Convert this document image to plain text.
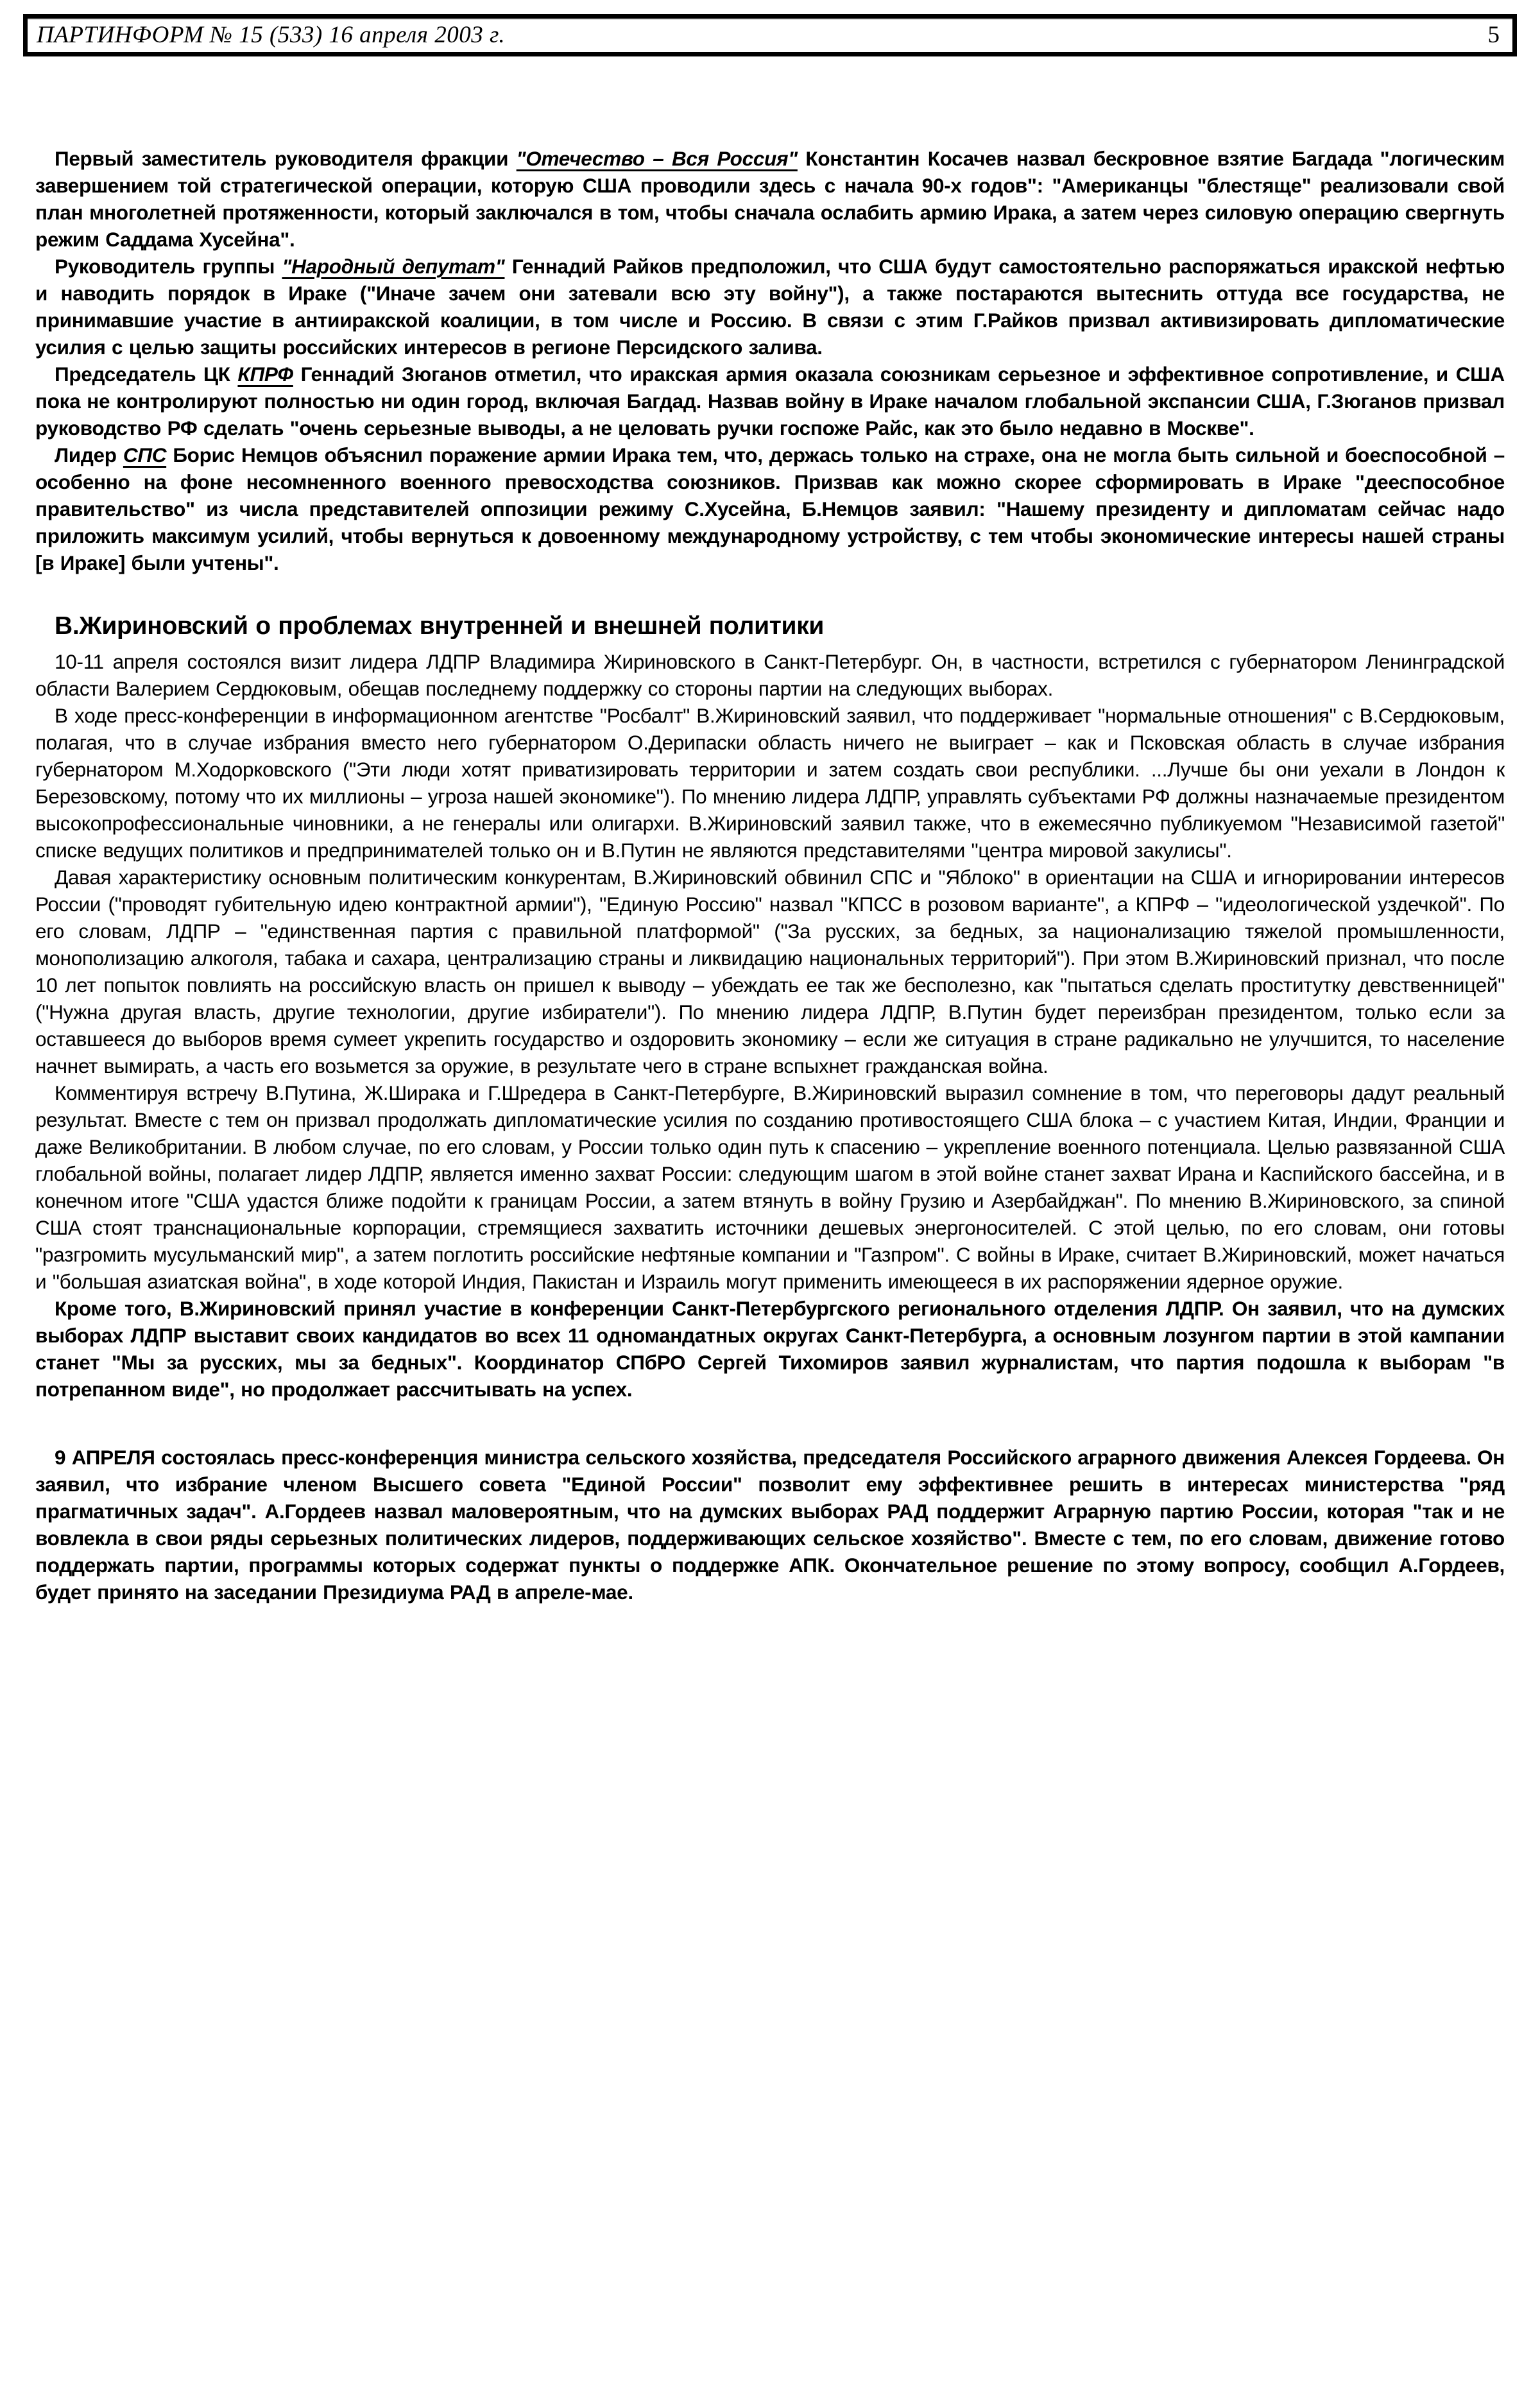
ПАРТИНФОРМ № 15 (533) 16 апреля 2003 г.	5

Первый заместитель руководителя фракции "Отечество – Вся Россия" Константин Косачев назвал бескровное взятие Багдада "логическим завершением той стратегической операции, которую США проводили здесь с начала 90-х годов": "Американцы "блестяще" реализовали свой план многолетней протяженности, который заключался в том, чтобы сначала ослабить армию Ирака, а затем через силовую операцию свергнуть режим Саддама Хусейна".

Руководитель группы "Народный депутат" Геннадий Райков предположил, что США будут самостоятельно распоряжаться иракской нефтью и наводить порядок в Ираке ("Иначе зачем они затевали всю эту войну"), а также постараются вытеснить оттуда все государства, не принимавшие участие в антииракской коалиции, в том числе и Россию. В связи с этим Г.Райков призвал активизировать дипломатические усилия с целью защиты российских интересов в регионе Персидского залива.

Председатель ЦК КПРФ Геннадий Зюганов отметил, что иракская армия оказала союзникам серьезное и эффективное сопротивление, и США пока не контролируют полностью ни один город, включая Багдад. Назвав войну в Ираке началом глобальной экспансии США, Г.Зюганов призвал руководство РФ сделать "очень серьезные выводы, а не целовать ручки госпоже Райс, как это было недавно в Москве".

Лидер СПС Борис Немцов объяснил поражение армии Ирака тем, что, держась только на страхе, она не могла быть сильной и боеспособной – особенно на фоне несомненного военного превосходства союзников. Призвав как можно скорее сформировать в Ираке "дееспособное правительство" из числа представителей оппозиции режиму С.Хусейна, Б.Немцов заявил: "Нашему президенту и дипломатам сейчас надо приложить максимум усилий, чтобы вернуться к довоенному международному устройству, с тем чтобы экономические интересы нашей страны [в Ираке] были учтены".

В.Жириновский о проблемах внутренней и внешней политики

10-11 апреля состоялся визит лидера ЛДПР Владимира Жириновского в Санкт-Петербург. Он, в частности, встретился с губернатором Ленинградской области Валерием Сердюковым, обещав последнему поддержку со стороны партии на следующих выборах.

В ходе пресс-конференции в информационном агентстве "Росбалт" В.Жириновский заявил, что поддерживает "нормальные отношения" с В.Сердюковым, полагая, что в случае избрания вместо него губернатором О.Дерипаски область ничего не выиграет – как и Псковская область в случае избрания губернатором М.Ходорковского ("Эти люди хотят приватизировать территории и затем создать свои республики. ...Лучше бы они уехали в Лондон к Березовскому, потому что их миллионы – угроза нашей экономике"). По мнению лидера ЛДПР, управлять субъектами РФ должны назначаемые президентом высокопрофессиональные чиновники, а не генералы или олигархи. В.Жириновский заявил также, что в ежемесячно публикуемом "Независимой газетой" списке ведущих политиков и предпринимателей только он и В.Путин не являются представителями "центра мировой закулисы".

Давая характеристику основным политическим конкурентам, В.Жириновский обвинил СПС и "Яблоко" в ориентации на США и игнорировании интересов России ("проводят губительную идею контрактной армии"), "Единую Россию" назвал "КПСС в розовом варианте", а КПРФ – "идеологической уздечкой". По его словам, ЛДПР – "единственная партия с правильной платформой" ("За русских, за бедных, за национализацию тяжелой промышленности, монополизацию алкоголя, табака и сахара, централизацию страны и ликвидацию национальных территорий"). При этом В.Жириновский признал, что после 10 лет попыток повлиять на российскую власть он пришел к выводу – убеждать ее так же бесполезно, как "пытаться сделать проститутку девственницей" ("Нужна другая власть, другие технологии, другие избиратели"). По мнению лидера ЛДПР, В.Путин будет переизбран президентом, только если за оставшееся до выборов время сумеет укрепить государство и оздоровить экономику – если же ситуация в стране радикально не улучшится, то население начнет вымирать, а часть его возьмется за оружие, в результате чего в стране вспыхнет гражданская война.

Комментируя встречу В.Путина, Ж.Ширака и Г.Шредера в Санкт-Петербурге, В.Жириновский выразил сомнение в том, что переговоры дадут реальный результат. Вместе с тем он призвал продолжать дипломатические усилия по созданию противостоящего США блока – с участием Китая, Индии, Франции и даже Великобритании. В любом случае, по его словам, у России только один путь к спасению – укрепление военного потенциала. Целью развязанной США глобальной войны, полагает лидер ЛДПР, является именно захват России: следующим шагом в этой войне станет захват Ирана и Каспийского бассейна, и в конечном итоге "США удастся ближе подойти к границам России, а затем втянуть в войну Грузию и Азербайджан". По мнению В.Жириновского, за спиной США стоят транснациональные корпорации, стремящиеся захватить источники дешевых энергоносителей. С этой целью, по его словам, они готовы "разгромить мусульманский мир", а затем поглотить российские нефтяные компании и "Газпром". С войны в Ираке, считает В.Жириновский, может начаться и "большая азиатская война", в ходе которой Индия, Пакистан и Израиль могут применить имеющееся в их распоряжении ядерное оружие.

Кроме того, В.Жириновский принял участие в конференции Санкт-Петербургского регионального отделения ЛДПР. Он заявил, что на думских выборах ЛДПР выставит своих кандидатов во всех 11 одномандатных округах Санкт-Петербурга, а основным лозунгом партии в этой кампании станет "Мы за русских, мы за бедных". Координатор СПбРО Сергей Тихомиров заявил журналистам, что партия подошла к выборам "в потрепанном виде", но продолжает рассчитывать на успех.

9 АПРЕЛЯ состоялась пресс-конференция министра сельского хозяйства, председателя Российского аграрного движения Алексея Гордеева. Он заявил, что избрание членом Высшего совета "Единой России" позволит ему эффективнее решить в интересах министерства "ряд прагматичных задач". А.Гордеев назвал маловероятным, что на думских выборах РАД поддержит Аграрную партию России, которая "так и не вовлекла в свои ряды серьезных политических лидеров, поддерживающих сельское хозяйство". Вместе с тем, по его словам, движение готово поддержать партии, программы которых содержат пункты о поддержке АПК. Окончательное решение по этому вопросу, сообщил А.Гордеев, будет принято на заседании Президиума РАД в апреле-мае.
